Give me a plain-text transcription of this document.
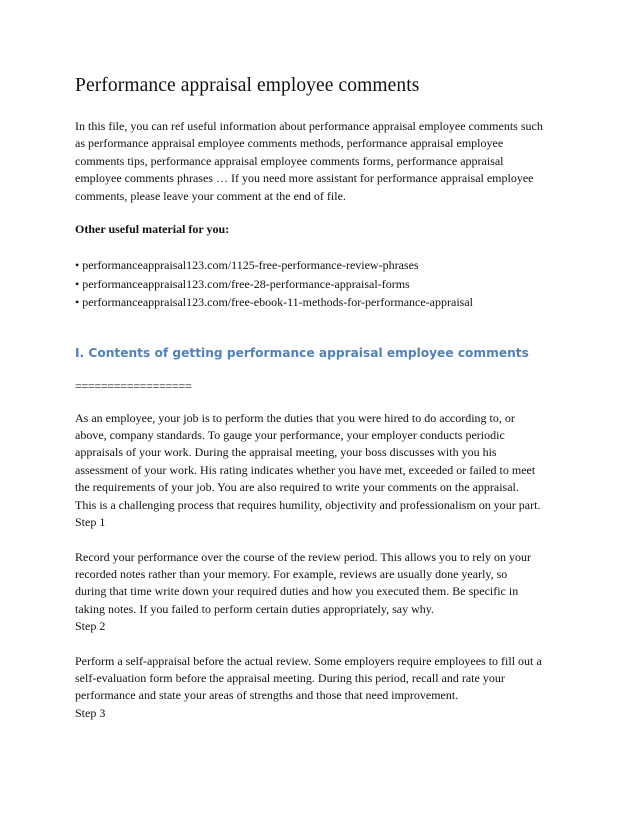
Performance appraisal employee comments

In this file, you can ref useful information about performance appraisal employee comments such
as performance appraisal employee comments methods, performance appraisal employee
comments tips, performance appraisal employee comments forms, performance appraisal
employee comments phrases … If you need more assistant for performance appraisal employee
comments, please leave your comment at the end of file.

Other useful material for you:

• performanceappraisal123.com/1125-free-performance-review-phrases
• performanceappraisal123.com/free-28-performance-appraisal-forms
• performanceappraisal123.com/free-ebook-11-methods-for-performance-appraisal
I. Contents of getting performance appraisal employee comments

==================

As an employee, your job is to perform the duties that you were hired to do according to, or
above, company standards. To gauge your performance, your employer conducts periodic
appraisals of your work. During the appraisal meeting, your boss discusses with you his
assessment of your work. His rating indicates whether you have met, exceeded or failed to meet
the requirements of your job. You are also required to write your comments on the appraisal.
This is a challenging process that requires humility, objectivity and professionalism on your part.
Step 1

Record your performance over the course of the review period. This allows you to rely on your
recorded notes rather than your memory. For example, reviews are usually done yearly, so
during that time write down your required duties and how you executed them. Be specific in
taking notes. If you failed to perform certain duties appropriately, say why.
Step 2

Perform a self-appraisal before the actual review. Some employers require employees to fill out a
self-evaluation form before the appraisal meeting. During this period, recall and rate your
performance and state your areas of strengths and those that need improvement.
Step 3
